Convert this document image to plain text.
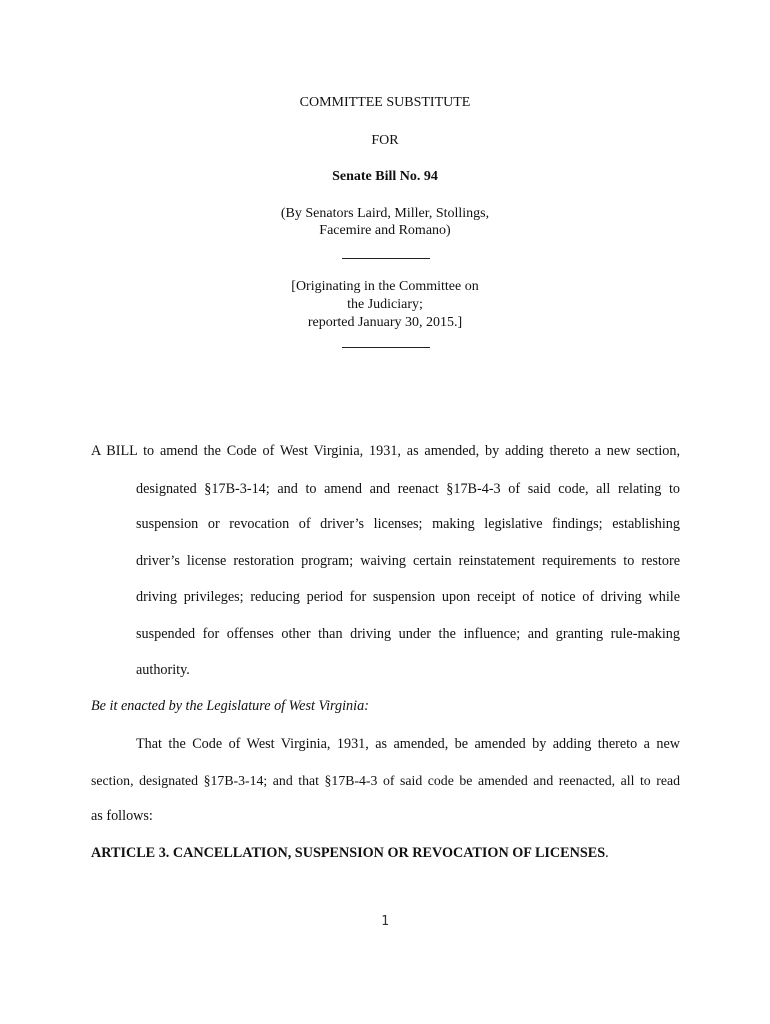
COMMITTEE SUBSTITUTE
FOR
Senate Bill No. 94
(By Senators Laird, Miller, Stollings,
Facemire and Romano)
[Originating in the Committee on
the Judiciary;
reported January 30, 2015.]
A BILL to amend the Code of West Virginia, 1931, as amended, by adding thereto a new section,
designated §17B-3-14; and to amend and reenact §17B-4-3 of said code, all relating to
suspension or revocation of driver’s licenses; making legislative findings; establishing
driver’s license restoration program; waiving certain reinstatement requirements to restore
driving privileges; reducing period for suspension upon receipt of notice of driving while
suspended for offenses other than driving under the influence; and granting rule-making
authority.
Be it enacted by the Legislature of West Virginia:
That the Code of West Virginia, 1931, as amended, be amended by adding thereto a new
section, designated §17B-3-14; and that §17B-4-3 of said code be amended and reenacted, all to read
as follows:
ARTICLE 3. CANCELLATION, SUSPENSION OR REVOCATION OF LICENSES.
1
